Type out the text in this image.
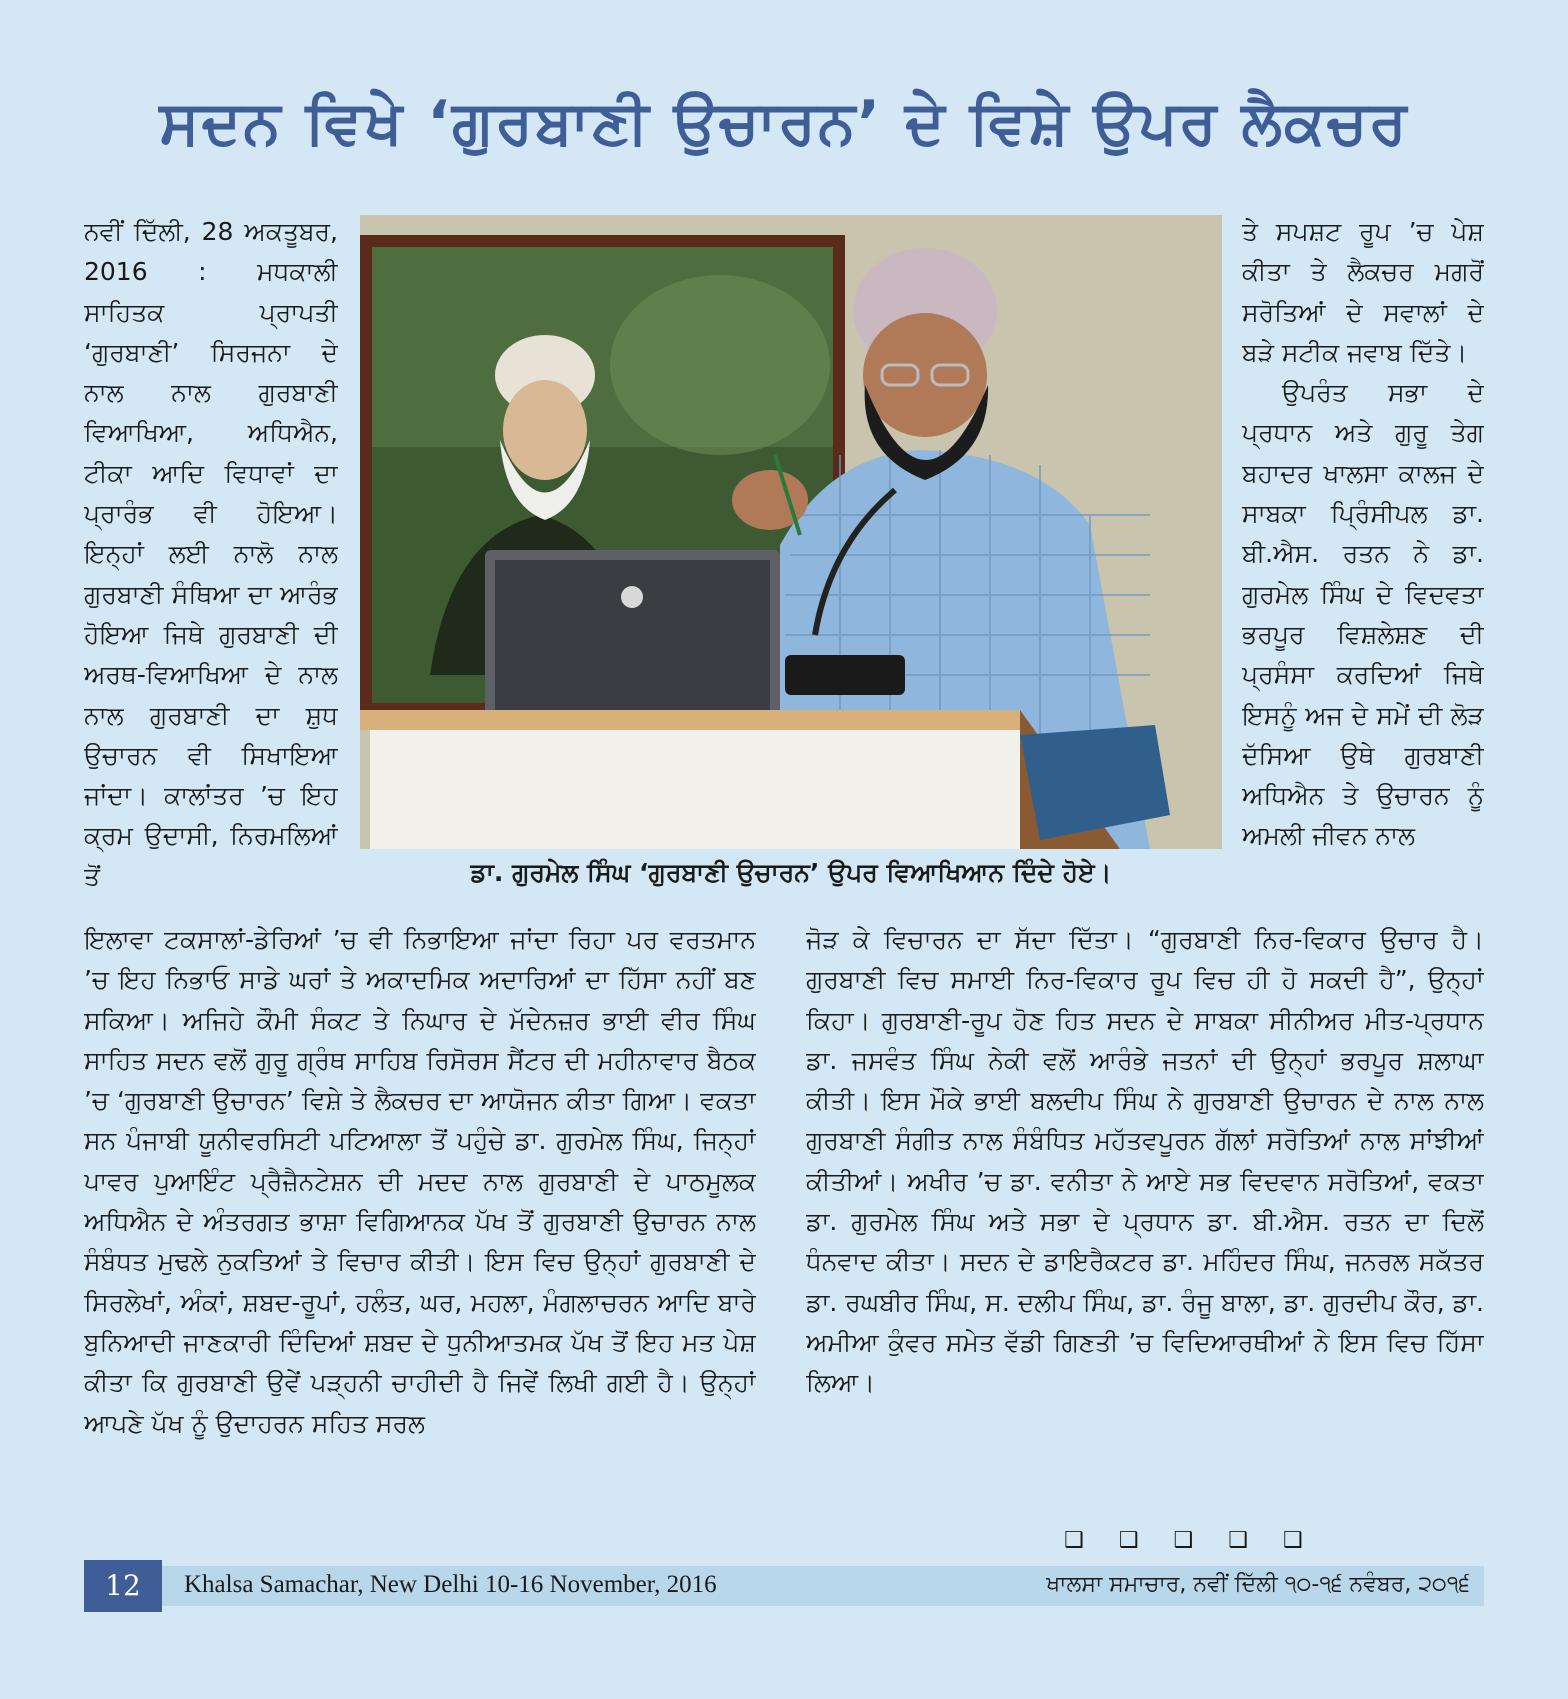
ਸਦਨ ਵਿਖੇ ‘ਗੁਰਬਾਣੀ ਉਚਾਰਨ’ ਦੇ ਵਿਸ਼ੇ ਉਪਰ ਲੈਕਚਰ

ਨਵੀਂ ਦਿੱਲੀ, 28 ਅਕਤੂਬਰ, 2016 : ਮਧਕਾਲੀ ਸਾਹਿਤਕ ਪ੍ਰਾਪਤੀ ‘ਗੁਰਬਾਣੀ’ ਸਿਰਜਨਾ ਦੇ ਨਾਲ ਨਾਲ ਗੁਰਬਾਣੀ ਵਿਆਖਿਆ, ਅਧਿਐਨ, ਟੀਕਾ ਆਦਿ ਵਿਧਾਵਾਂ ਦਾ ਪ੍ਰਾਰੰਭ ਵੀ ਹੋਇਆ। ਇਨ੍ਹਾਂ ਲਈ ਨਾਲੋ ਨਾਲ ਗੁਰਬਾਣੀ ਸੰਥਿਆ ਦਾ ਆਰੰਭ ਹੋਇਆ ਜਿਥੇ ਗੁਰਬਾਣੀ ਦੀ ਅਰਥ-ਵਿਆਖਿਆ ਦੇ ਨਾਲ ਨਾਲ ਗੁਰਬਾਣੀ ਦਾ ਸ਼ੁਧ ਉਚਾਰਨ ਵੀ ਸਿਖਾਇਆ ਜਾਂਦਾ। ਕਾਲਾਂਤਰ ’ਚ ਇਹ ਕ੍ਰਮ ਉਦਾਸੀ, ਨਿਰਮਲਿਆਂ ਤੋਂ	ਡਾ. ਗੁਰਮੇਲ ਸਿੰਘ ‘ਗੁਰਬਾਣੀ ਉਚਾਰਨ’ ਉਪਰ ਵਿਆਖਿਆਨ ਦਿੰਦੇ ਹੋਏ।

ਤੇ ਸਪਸ਼ਟ ਰੂਪ ’ਚ ਪੇਸ਼ ਕੀਤਾ ਤੇ ਲੈਕਚਰ ਮਗਰੋਂ ਸਰੋਤਿਆਂ ਦੇ ਸਵਾਲਾਂ ਦੇ ਬੜੇ ਸਟੀਕ ਜਵਾਬ ਦਿੱਤੇ।

ਉਪਰੰਤ ਸਭਾ ਦੇ ਪ੍ਰਧਾਨ ਅਤੇ ਗੁਰੂ ਤੇਗ ਬਹਾਦਰ ਖਾਲਸਾ ਕਾਲਜ ਦੇ ਸਾਬਕਾ ਪ੍ਰਿੰਸੀਪਲ ਡਾ. ਬੀ.ਐਸ. ਰਤਨ ਨੇ ਡਾ. ਗੁਰਮੇਲ ਸਿੰਘ ਦੇ ਵਿਦਵਤਾ ਭਰਪੂਰ ਵਿਸ਼ਲੇਸ਼ਣ ਦੀ ਪ੍ਰਸੰਸਾ ਕਰਦਿਆਂ ਜਿਥੇ ਇਸਨੂੰ ਅਜ ਦੇ ਸਮੇਂ ਦੀ ਲੋੜ ਦੱਸਿਆ ਉਥੇ ਗੁਰਬਾਣੀ ਅਧਿਐਨ ਤੇ ਉਚਾਰਨ ਨੂੰ ਅਮਲੀ ਜੀਵਨ ਨਾਲ

ਇਲਾਵਾ ਟਕਸਾਲਾਂ-ਡੇਰਿਆਂ ’ਚ ਵੀ ਨਿਭਾਇਆ ਜਾਂਦਾ ਰਿਹਾ ਪਰ ਵਰਤਮਾਨ ’ਚ ਇਹ ਨਿਭਾਓ ਸਾਡੇ ਘਰਾਂ ਤੇ ਅਕਾਦਮਿਕ ਅਦਾਰਿਆਂ ਦਾ ਹਿੱਸਾ ਨਹੀਂ ਬਣ ਸਕਿਆ। ਅਜਿਹੇ ਕੌਮੀ ਸੰਕਟ ਤੇ ਨਿਘਾਰ ਦੇ ਮੱਦੇਨਜ਼ਰ ਭਾਈ ਵੀਰ ਸਿੰਘ ਸਾਹਿਤ ਸਦਨ ਵਲੋਂ ਗੁਰੂ ਗ੍ਰੰਥ ਸਾਹਿਬ ਰਿਸੋਰਸ ਸੈਂਟਰ ਦੀ ਮਹੀਨਾਵਾਰ ਬੈਠਕ ’ਚ ‘ਗੁਰਬਾਣੀ ਉਚਾਰਨ’ ਵਿਸ਼ੇ ਤੇ ਲੈਕਚਰ ਦਾ ਆਯੋਜਨ ਕੀਤਾ ਗਿਆ। ਵਕਤਾ ਸਨ ਪੰਜਾਬੀ ਯੂਨੀਵਰਸਿਟੀ ਪਟਿਆਲਾ ਤੋਂ ਪਹੁੰਚੇ ਡਾ. ਗੁਰਮੇਲ ਸਿੰਘ, ਜਿਨ੍ਹਾਂ ਪਾਵਰ ਪੁਆਇੰਟ ਪ੍ਰੈਜ਼ੈਨਟੇਸ਼ਨ ਦੀ ਮਦਦ ਨਾਲ ਗੁਰਬਾਣੀ ਦੇ ਪਾਠਮੂਲਕ ਅਧਿਐਨ ਦੇ ਅੰਤਰਗਤ ਭਾਸ਼ਾ ਵਿਗਿਆਨਕ ਪੱਖ ਤੋਂ ਗੁਰਬਾਣੀ ਉਚਾਰਨ ਨਾਲ ਸੰਬੰਧਤ ਮੁਢਲੇ ਨੁਕਤਿਆਂ ਤੇ ਵਿਚਾਰ ਕੀਤੀ। ਇਸ ਵਿਚ ਉਨ੍ਹਾਂ ਗੁਰਬਾਣੀ ਦੇ ਸਿਰਲੇਖਾਂ, ਅੰਕਾਂ, ਸ਼ਬਦ-ਰੂਪਾਂ, ਹਲੰਤ, ਘਰ, ਮਹਲਾ, ਮੰਗਲਾਚਰਨ ਆਦਿ ਬਾਰੇ ਬੁਨਿਆਦੀ ਜਾਣਕਾਰੀ ਦਿੰਦਿਆਂ ਸ਼ਬਦ ਦੇ ਧੁਨੀਆਤਮਕ ਪੱਖ ਤੋਂ ਇਹ ਮਤ ਪੇਸ਼ ਕੀਤਾ ਕਿ ਗੁਰਬਾਣੀ ਉਵੇਂ ਪੜ੍ਹਨੀ ਚਾਹੀਦੀ ਹੈ ਜਿਵੇਂ ਲਿਖੀ ਗਈ ਹੈ। ਉਨ੍ਹਾਂ ਆਪਣੇ ਪੱਖ ਨੂੰ ਉਦਾਹਰਨ ਸਹਿਤ ਸਰਲ

ਜੋੜ ਕੇ ਵਿਚਾਰਨ ਦਾ ਸੱਦਾ ਦਿੱਤਾ। “ਗੁਰਬਾਣੀ ਨਿਰ-ਵਿਕਾਰ ਉਚਾਰ ਹੈ। ਗੁਰਬਾਣੀ ਵਿਚ ਸਮਾਈ ਨਿਰ-ਵਿਕਾਰ ਰੂਪ ਵਿਚ ਹੀ ਹੋ ਸਕਦੀ ਹੈ”, ਉਨ੍ਹਾਂ ਕਿਹਾ। ਗੁਰਬਾਣੀ-ਰੂਪ ਹੋਣ ਹਿਤ ਸਦਨ ਦੇ ਸਾਬਕਾ ਸੀਨੀਅਰ ਮੀਤ-ਪ੍ਰਧਾਨ ਡਾ. ਜਸਵੰਤ ਸਿੰਘ ਨੇਕੀ ਵਲੋਂ ਆਰੰਭੇ ਜਤਨਾਂ ਦੀ ਉਨ੍ਹਾਂ ਭਰਪੂਰ ਸ਼ਲਾਘਾ ਕੀਤੀ। ਇਸ ਮੌਕੇ ਭਾਈ ਬਲਦੀਪ ਸਿੰਘ ਨੇ ਗੁਰਬਾਣੀ ਉਚਾਰਨ ਦੇ ਨਾਲ ਨਾਲ ਗੁਰਬਾਣੀ ਸੰਗੀਤ ਨਾਲ ਸੰਬੰਧਿਤ ਮਹੱਤਵਪੂਰਨ ਗੱਲਾਂ ਸਰੋਤਿਆਂ ਨਾਲ ਸਾਂਝੀਆਂ ਕੀਤੀਆਂ। ਅਖੀਰ ’ਚ ਡਾ. ਵਨੀਤਾ ਨੇ ਆਏ ਸਭ ਵਿਦਵਾਨ ਸਰੋਤਿਆਂ, ਵਕਤਾ ਡਾ. ਗੁਰਮੇਲ ਸਿੰਘ ਅਤੇ ਸਭਾ ਦੇ ਪ੍ਰਧਾਨ ਡਾ. ਬੀ.ਐਸ. ਰਤਨ ਦਾ ਦਿਲੋਂ ਧੰਨਵਾਦ ਕੀਤਾ। ਸਦਨ ਦੇ ਡਾਇਰੈਕਟਰ ਡਾ. ਮਹਿੰਦਰ ਸਿੰਘ, ਜਨਰਲ ਸਕੱਤਰ ਡਾ. ਰਘਬੀਰ ਸਿੰਘ, ਸ. ਦਲੀਪ ਸਿੰਘ, ਡਾ. ਰੰਜੂ ਬਾਲਾ, ਡਾ. ਗੁਰਦੀਪ ਕੌਰ, ਡਾ. ਅਮੀਆ ਕੁੰਵਰ ਸਮੇਤ ਵੱਡੀ ਗਿਣਤੀ ’ਚ ਵਿਦਿਆਰਥੀਆਂ ਨੇ ਇਸ ਵਿਚ ਹਿੱਸਾ ਲਿਆ।

❑ ❑ ❑ ❑ ❑
12	Khalsa Samachar, New Delhi 10-16 November, 2016	ਖਾਲਸਾ ਸਮਾਚਾਰ, ਨਵੀਂ ਦਿੱਲੀ ੧੦-੧੬ ਨਵੰਬਰ, ੨੦੧੬
